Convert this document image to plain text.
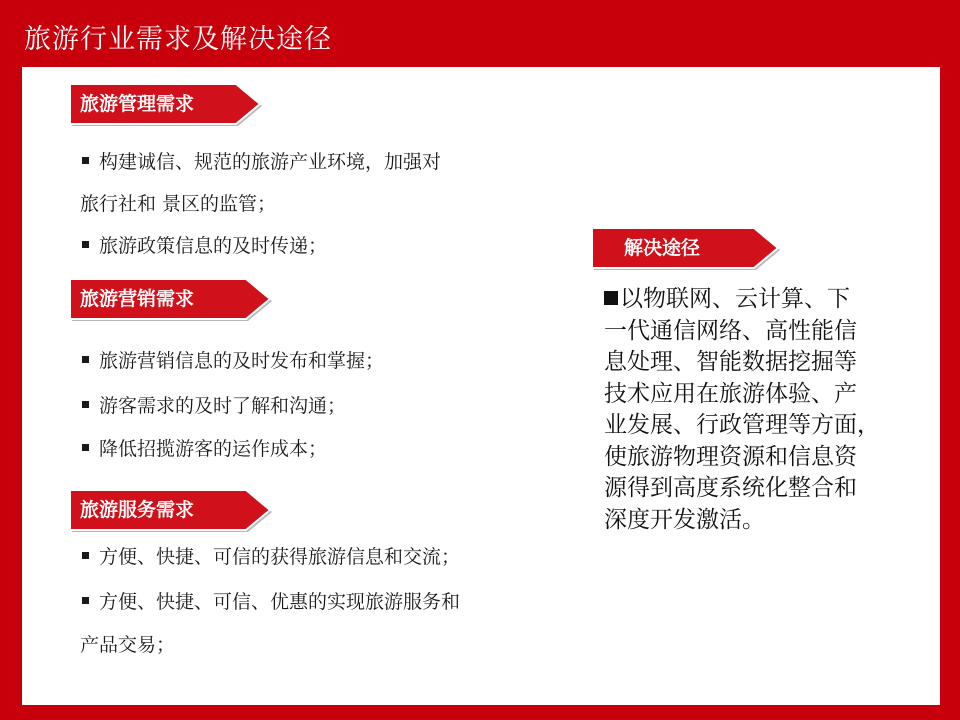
旅游行业需求及解决途径
旅游管理需求
构建诚信、规范的旅游产业环境，加强对
旅行社和 景区的监管；
旅游政策信息的及时传递；
旅游营销需求
旅游营销信息的及时发布和掌握；
游客需求的及时了解和沟通；
降低招揽游客的运作成本；
旅游服务需求
方便、快捷、可信的获得旅游信息和交流；
方便、快捷、可信、优惠的实现旅游服务和
产品交易；
解决途径
以物联网、云计算、下
一代通信网络、高性能信
息处理、智能数据挖掘等
技术应用在旅游体验、产
业发展、行政管理等方面，
使旅游物理资源和信息资
源得到高度系统化整合和
深度开发激活。
